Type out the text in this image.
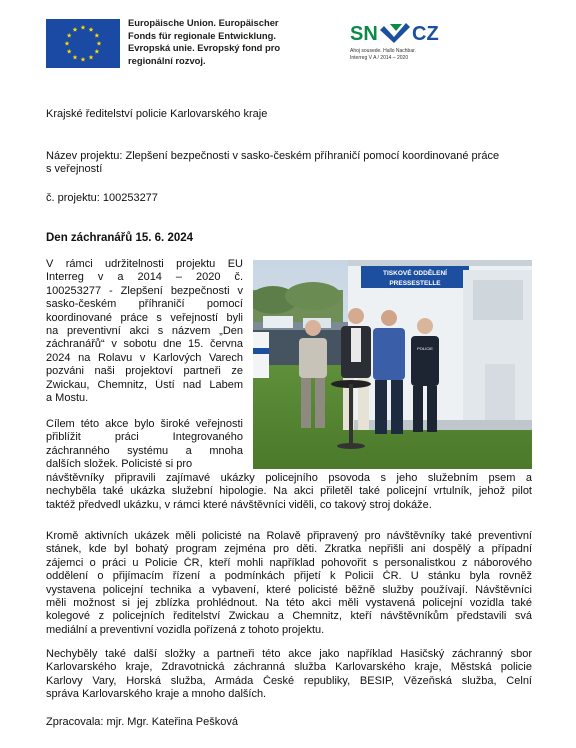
Europäische Union. Europäischer
Fonds für regionale Entwicklung.
Evropská unie. Evropský fond pro
regionální rozvoj.
SN CZ
Ahoj sousede. Hallo Nachbar.
Interreg V A / 2014 – 2020
Krajské ředitelství policie Karlovarského kraje
Název projektu: Zlepšení bezpečnosti v sasko-českém příhraničí pomocí koordinované práce
s veřejností
č. projektu: 100253277
Den záchranářů 15. 6. 2024
V rámci udržitelnosti projektu EU
Interreg v a 2014 – 2020 č.
100253277 - Zlepšení bezpečnosti v
sasko-českém příhraničí pomocí
koordinované práce s veřejností byli
na preventivní akci s názvem „Den
záchranářů“ v sobotu dne 15. června
2024 na Rolavu v Karlových Varech
pozváni naši projektoví partneři ze
Zwickau, Chemnitz, Ústí nad Labem
a Mostu.
Cílem této akce bylo široké veřejnosti
přiblížit práci Integrovaného
záchranného systému a mnoha
dalších složek. Policisté si pro
TISKOVÉ ODDĚLENÍ
PRESSESTELLE
POLICIE
návštěvníky připravili zajímavé ukázky policejního psovoda s jeho služebním psem a
nechyběla také ukázka služební hipologie. Na akci přiletěl také policejní vrtulník, jehož pilot
taktéž předvedl ukázku, v rámci které návštěvníci viděli, co takový stroj dokáže.
Kromě aktivních ukázek měli policisté na Rolavě připravený pro návštěvníky také preventivní
stánek, kde byl bohatý program zejména pro děti. Zkratka nepřišli ani dospělý a případní
zájemci o práci u Policie ČR, kteří mohli například pohovořit s personalistkou z náborového
oddělení o přijímacím řízení a podmínkách přijetí k Policii ČR. U stánku byla rovněž
vystavena policejní technika a vybavení, které policisté běžně služby používají. Návštěvníci
měli možnost si jej zblízka prohlédnout. Na této akci měli vystavená policejní vozidla také
kolegové z policejních ředitelství Zwickau a Chemnitz, kteří návštěvníkům představili svá
mediální a preventivní vozidla pořízená z tohoto projektu.
Nechyběly také další složky a partneři této akce jako například Hasičský záchranný sbor
Karlovarského kraje, Zdravotnická záchranná služba Karlovarského kraje, Městská policie
Karlovy Vary, Horská služba, Armáda České republiky, BESIP, Vězeňská služba, Celní
správa Karlovarského kraje a mnoho dalších.
Zpracovala: mjr. Mgr. Kateřina Pešková
